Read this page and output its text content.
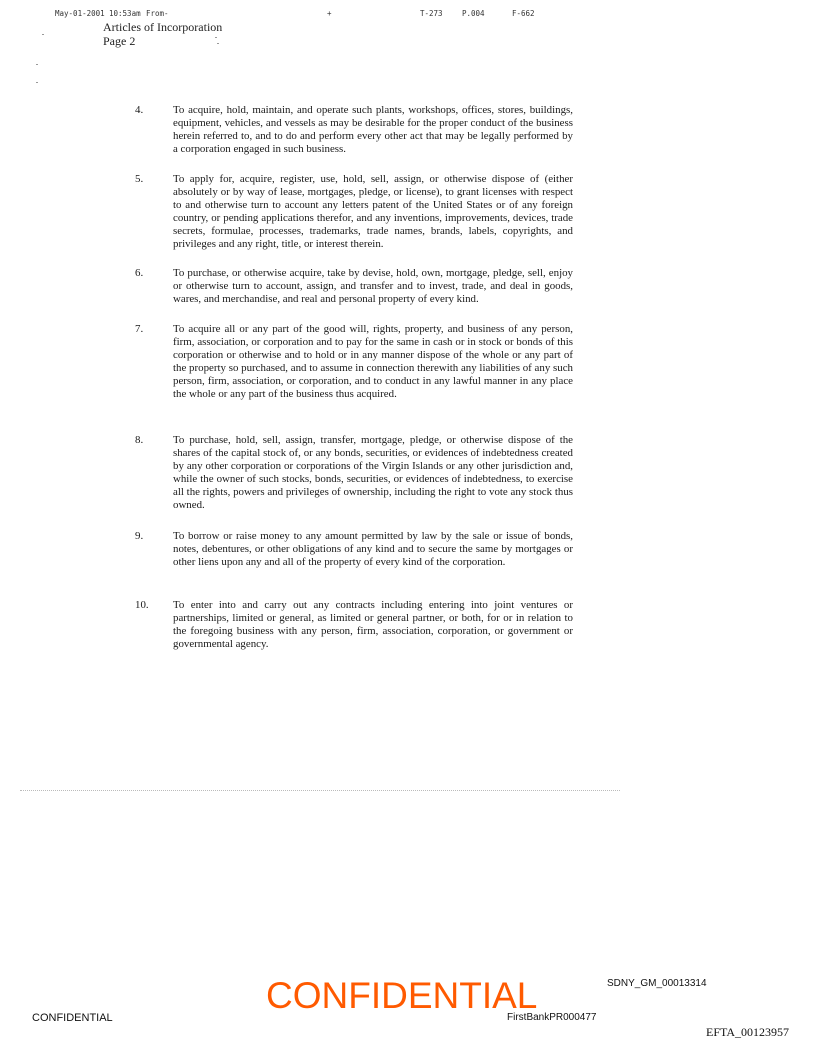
May-01-2001 10:53am From-	+	T-273	P.004	F-662
Articles of Incorporation
Page 2
4.	To acquire, hold, maintain, and operate such plants, workshops, offices, stores, buildings, equipment, vehicles, and vessels as may be desirable for the proper conduct of the business herein referred to, and to do and perform every other act that may be legally performed by a corporation engaged in such business.
5.	To apply for, acquire, register, use, hold, sell, assign, or otherwise dispose of (either absolutely or by way of lease, mortgages, pledge, or license), to grant licenses with respect to and otherwise turn to account any letters patent of the United States or of any foreign country, or pending applications therefor, and any inventions, improvements, devices, trade secrets, formulae, processes, trademarks, trade names, brands, labels, copyrights, and privileges and any right, title, or interest therein.
6.	To purchase, or otherwise acquire, take by devise, hold, own, mortgage, pledge, sell, enjoy or otherwise turn to account, assign, and transfer and to invest, trade, and deal in goods, wares, and merchandise, and real and personal property of every kind.
7.	To acquire all or any part of the good will, rights, property, and business of any person, firm, association, or corporation and to pay for the same in cash or in stock or bonds of this corporation or otherwise and to hold or in any manner dispose of the whole or any part of the property so purchased, and to assume in connection therewith any liabilities of any such person, firm, association, or corporation, and to conduct in any lawful manner in any place the whole or any part of the business thus acquired.
8.	To purchase, hold, sell, assign, transfer, mortgage, pledge, or otherwise dispose of the shares of the capital stock of, or any bonds, securities, or evidences of indebtedness created by any other corporation or corporations of the Virgin Islands or any other jurisdiction and, while the owner of such stocks, bonds, securities, or evidences of indebtedness, to exercise all the rights, powers and privileges of ownership, including the right to vote any stock thus owned.
9.	To borrow or raise money to any amount permitted by law by the sale or issue of bonds, notes, debentures, or other obligations of any kind and to secure the same by mortgages or other liens upon any and all of the property of every kind of the corporation.
10. To enter into and carry out any contracts including entering into joint ventures or partnerships, limited or general, as limited or general partner, or both, for or in relation to the foregoing business with any person, firm, association, corporation, or government or governmental agency.
CONFIDENTIAL
CONFIDENTIAL
SDNY_GM_00013314
FirstBankPR000477
EFTA_00123957
